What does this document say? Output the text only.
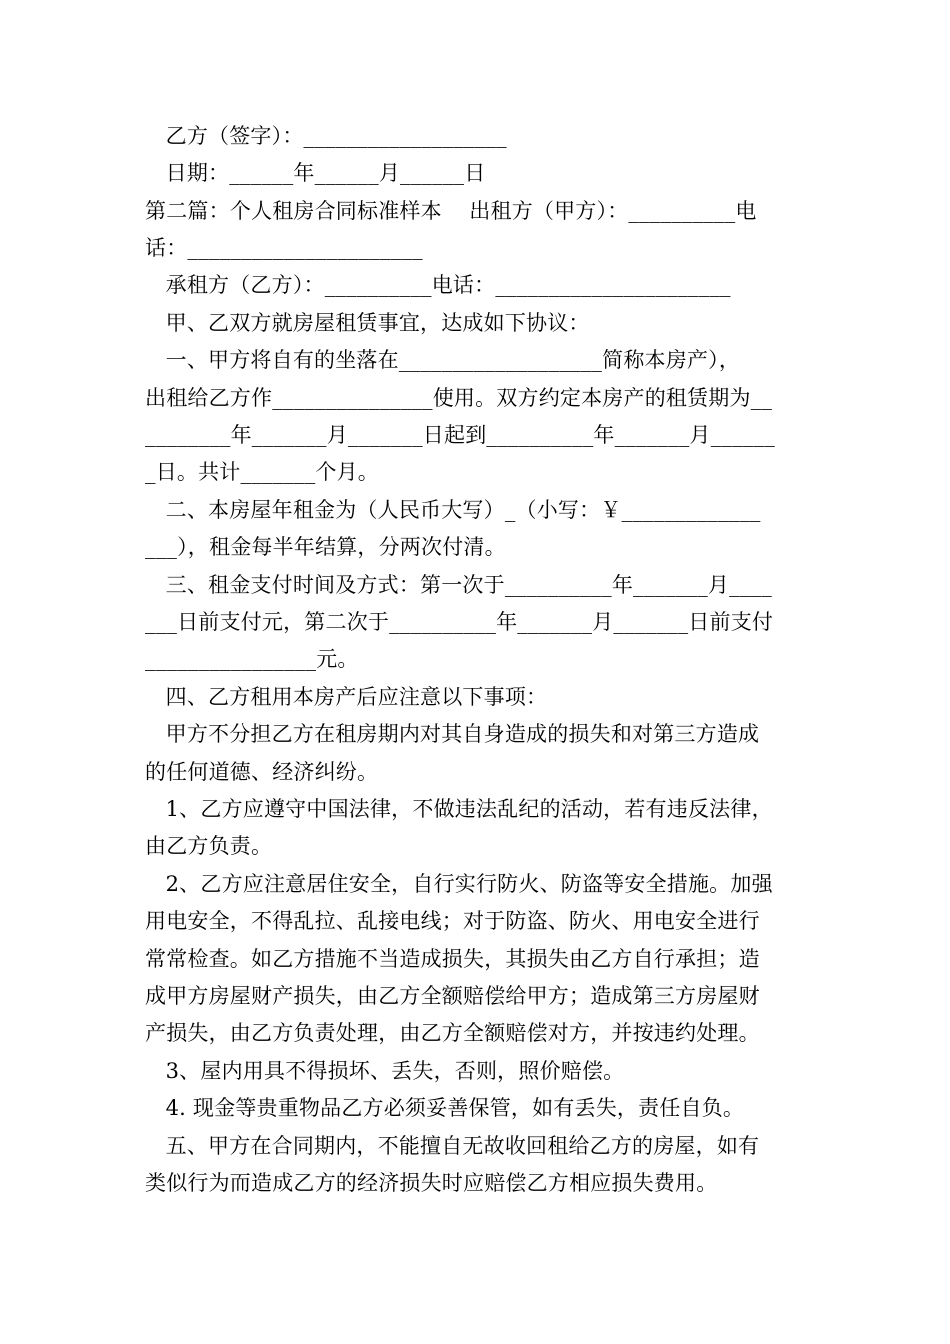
乙方（签字）：___________________
日期：______年______月______日
第二篇：个人租房合同标准样本    出租方（甲方）：__________电
话：______________________
承租方（乙方）：__________电话：______________________
甲、乙双方就房屋租赁事宜，达成如下协议：
一、甲方将自有的坐落在___________________简称本房产），
出租给乙方作_______________使用。双方约定本房产的租赁期为__
________年_______月_______日起到__________年_______月______
_日。共计_______个月。
二、本房屋年租金为（人民币大写）_（小写：￥_____________
___），租金每半年结算，分两次付清。
三、租金支付时间及方式：第一次于__________年_______月____
___日前支付元，第二次于__________年_______月_______日前支付
________________元。
四、乙方租用本房产后应注意以下事项：
甲方不分担乙方在租房期内对其自身造成的损失和对第三方造成
的任何道德、经济纠纷。
1、乙方应遵守中国法律，不做违法乱纪的活动，若有违反法律，
由乙方负责。
2、乙方应注意居住安全，自行实行防火、防盗等安全措施。加强
用电安全，不得乱拉、乱接电线；对于防盗、防火、用电安全进行
常常检查。如乙方措施不当造成损失，其损失由乙方自行承担；造
成甲方房屋财产损失，由乙方全额赔偿给甲方；造成第三方房屋财
产损失，由乙方负责处理，由乙方全额赔偿对方，并按违约处理。
3、屋内用具不得损坏、丢失，否则，照价赔偿。
4. 现金等贵重物品乙方必须妥善保管，如有丢失，责任自负。
五、甲方在合同期内，不能擅自无故收回租给乙方的房屋，如有
类似行为而造成乙方的经济损失时应赔偿乙方相应损失费用。
